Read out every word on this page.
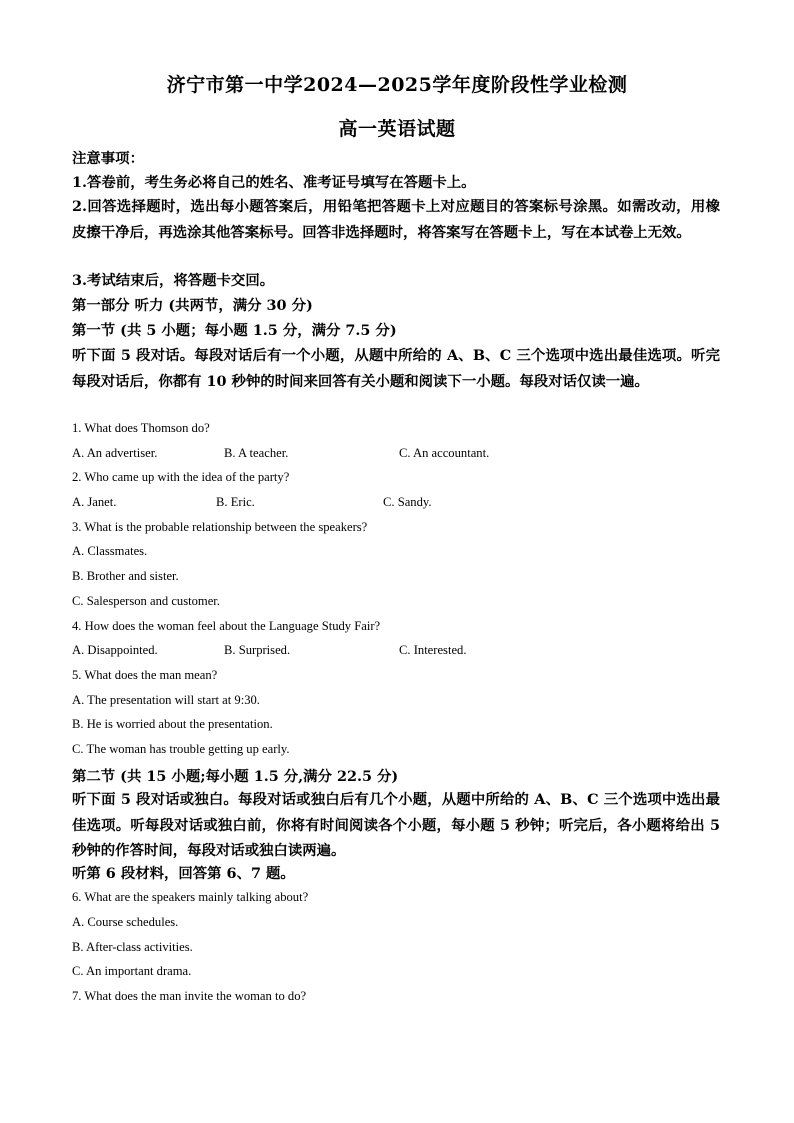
济宁市第一中学2024—2025学年度阶段性学业检测
高一英语试题
注意事项：
1.答卷前，考生务必将自己的姓名、准考证号填写在答题卡上。
2.回答选择题时，选出每小题答案后，用铅笔把答题卡上对应题目的答案标号涂黑。如需改动，用橡皮擦干净后，再选涂其他答案标号。回答非选择题时，将答案写在答题卡上，写在本试卷上无效。
3.考试结束后，将答题卡交回。
第一部分 听力 (共两节，满分 30 分)
第一节 (共 5 小题；每小题 1.5 分，满分 7.5 分)
听下面 5 段对话。每段对话后有一个小题，从题中所给的 A、B、C 三个选项中选出最佳选项。听完每段对话后，你都有 10 秒钟的时间来回答有关小题和阅读下一小题。每段对话仅读一遍。
1. What does Thomson do?
A. An advertiser.	B. A teacher.	C. An accountant.
2. Who came up with the idea of the party?
A. Janet.	B. Eric.	C. Sandy.
3. What is the probable relationship between the speakers?
A. Classmates.
B. Brother and sister.
C. Salesperson and customer.
4. How does the woman feel about the Language Study Fair?
A. Disappointed.	B. Surprised.	C. Interested.
5. What does the man mean?
A. The presentation will start at 9:30.
B. He is worried about the presentation.
C. The woman has trouble getting up early.
第二节 (共 15 小题;每小题 1.5 分,满分 22.5 分)
听下面 5 段对话或独白。每段对话或独白后有几个小题，从题中所给的 A、B、C 三个选项中选出最佳选项。听每段对话或独白前，你将有时间阅读各个小题，每小题 5 秒钟；听完后，各小题将给出 5 秒钟的作答时间，每段对话或独白读两遍。
听第 6 段材料，回答第 6、7 题。
6. What are the speakers mainly talking about?
A. Course schedules.
B. After-class activities.
C. An important drama.
7. What does the man invite the woman to do?
